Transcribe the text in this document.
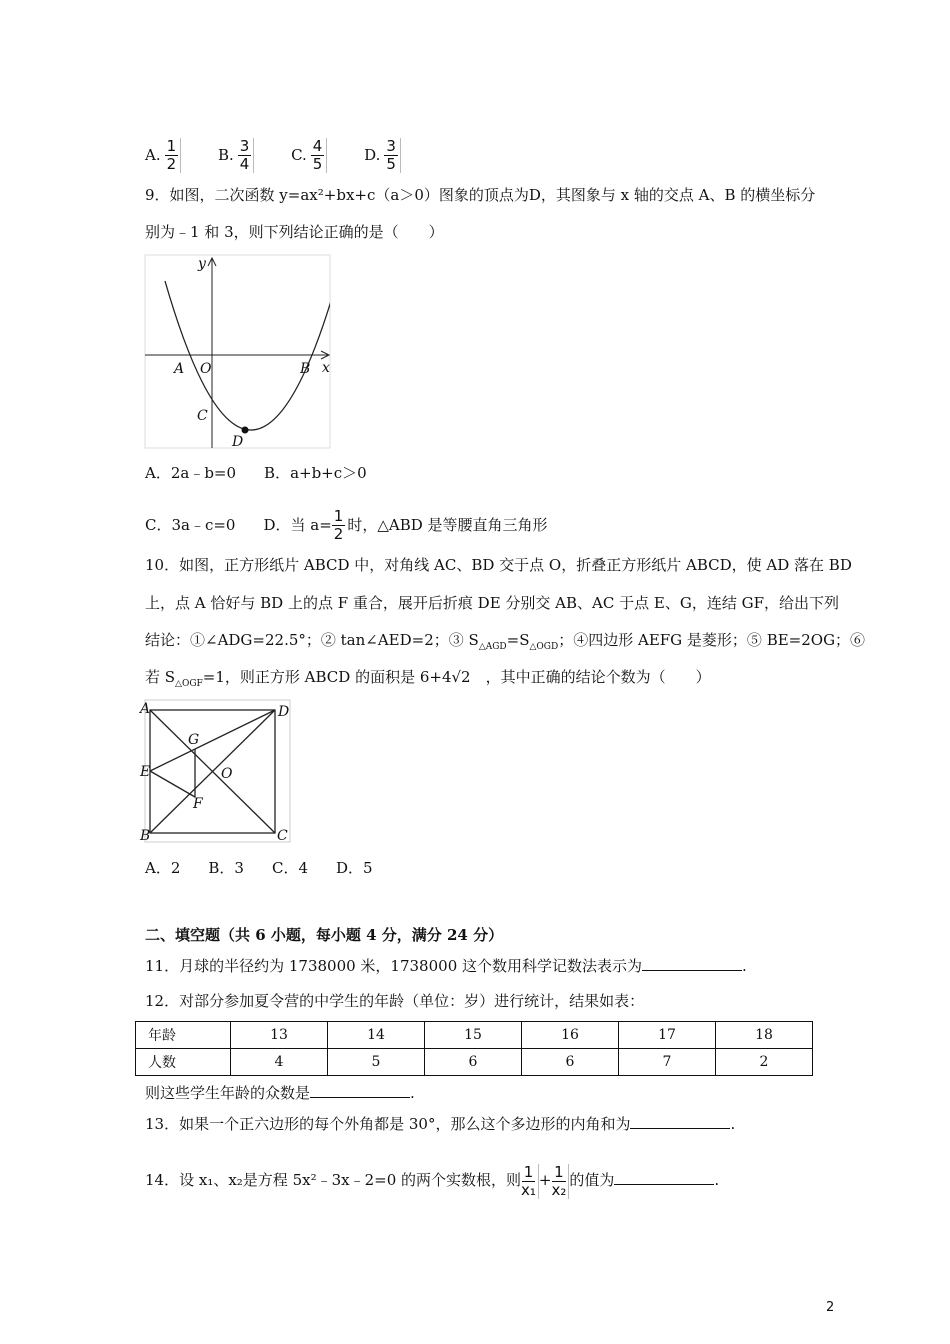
A. $\frac{1}{2} B$. $\frac{3}{4} C$. $\frac{4}{5} D$. $\frac{3}{5}$
9．如图，二次函数 y=ax²+bx+c（a＞0）图象的顶点为D，其图象与 x 轴的交点 A、B 的横坐标分
别为﹣1 和 3，则下列结论正确的是（　　）
y
x
A O	B
C
D
A．2a﹣b=0 B．a+b+c＞0
C．3a﹣c=0 D．当 $a= \frac{1}{2}$ 时，△ABD 是等腰直角三角形
10．如图，正方形纸片 ABCD 中，对角线 AC、BD 交于点 O，折叠正方形纸片 ABCD，使 AD 落在 BD
上，点 A 恰好与 BD 上的点 F 重合，展开后折痕 DE 分别交 AB、AC 于点 E、G，连结 GF，给出下列
结论：①∠ADG=22.5°；② tan∠AED=2；③ $S_{\triangle AGD}=S_{\triangle OGD}$；④四边形 AEFG 是菱形；⑤ BE=2OG；⑥
若 $S_{\triangle OGF}=1$，则正方形 ABCD 的面积是 6+4√2　，其中正确的结论个数为（　　）
A	D
G
E	O
F
B	C
A．2 B．3 C．4 D．5
二、填空题（共 6 小题，每小题 4 分，满分 24 分）
11．月球的半径约为 1738000 米，1738000 这个数用科学记数法表示为	.
12．对部分参加夏令营的中学生的年龄（单位：岁）进行统计，结果如表：
年龄	13	14	15	16	17	18
人数	4	5	6	6	7	2
则这些学生年龄的众数是	.
13．如果一个正六边形的每个外角都是 30°，那么这个多边形的内角和为	.
14．设 x₁、x₂是方程 5x²﹣3x﹣2=0 的两个实数根，则 $\frac{1}{\text{x₁}} + \frac{1}{\text{x₂}}$ 的值为	.
2
